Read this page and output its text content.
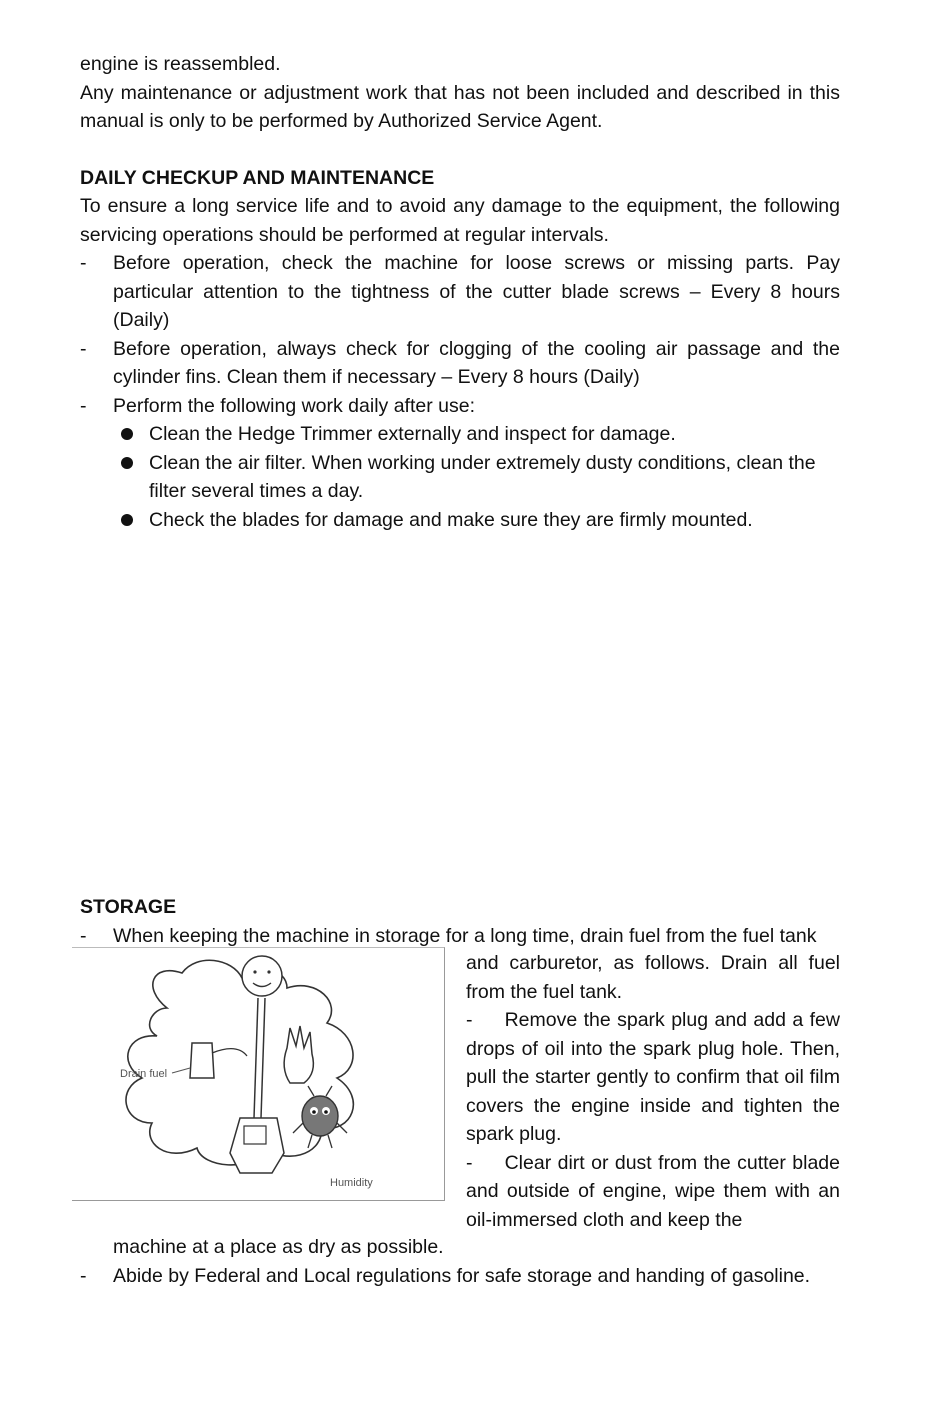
engine is reassembled.

Any maintenance or adjustment work that has not been included and described in this manual is only to be performed by Authorized Service Agent.

DAILY CHECKUP AND MAINTENANCE

To ensure a long service life and to avoid any damage to the equipment, the following servicing operations should be performed at regular intervals.

- Before operation, check the machine for loose screws or missing parts. Pay particular attention to the tightness of the cutter blade screws – Every 8 hours (Daily)
- Before operation, always check for clogging of the cooling air passage and the cylinder fins. Clean them if necessary – Every 8 hours (Daily)
- Perform the following work daily after use:
Clean the Hedge Trimmer externally and inspect for damage.
Clean the air filter. When working under extremely dusty conditions, clean the filter several times a day.
Check the blades for damage and make sure they are firmly mounted.

STORAGE

- When keeping the machine in storage for a long time, drain fuel from the fuel tank
Drain fuel
Humidity

and carburetor, as follows. Drain all fuel from the fuel tank.

-     Remove the spark plug and add a few drops of oil into the spark plug hole. Then, pull the starter gently to confirm that oil film covers the engine inside and tighten the spark plug.

-     Clear dirt or dust from the cutter blade and outside of engine, wipe them with an oil-immersed cloth and keep the

machine at a place as dry as possible.

- Abide by Federal and Local regulations for safe storage and handing of gasoline.
